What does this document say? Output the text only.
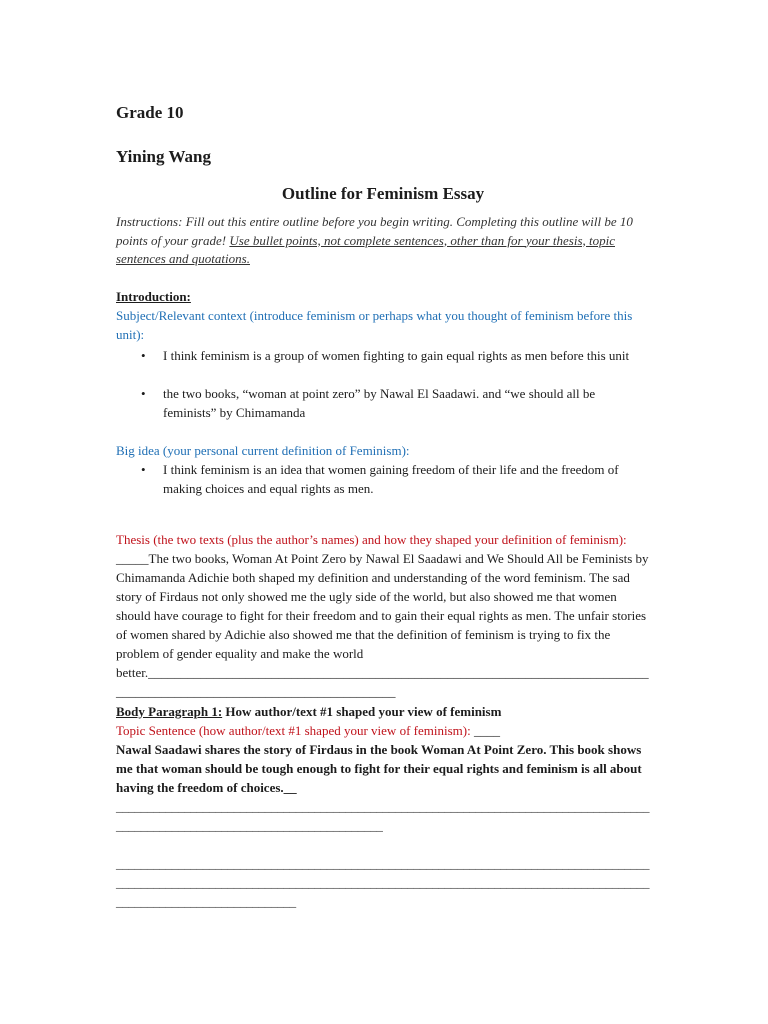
Grade 10
Yining Wang
Outline for Feminism Essay

Instructions: Fill out this entire outline before you begin writing. Completing this outline will be 10 points of your grade! Use bullet points, not complete sentences, other than for your thesis, topic sentences and quotations.

Introduction:

Subject/Relevant context (introduce feminism or perhaps what you thought of feminism before this unit):

• I think feminism is a group of women fighting to gain equal rights as men before this unit
• the two books, “woman at point zero” by Nawal El Saadawi. and “we should all be feminists” by Chimamanda

Big idea (your personal current definition of Feminism):

• I think feminism is an idea that women gaining freedom of their life and the freedom of making choices and equal rights as men.

Thesis (the two texts (plus the author’s names) and how they shaped your definition of feminism): _____The two books, Woman At Point Zero by Nawal El Saadawi and We Should All be Feminists by Chimamanda Adichie both shaped my definition and understanding of the word feminism. The sad story of Firdaus not only showed me the ugly side of the world, but also showed me that women should have courage to fight for their freedom and to gain their equal rights as men. The unfair stories of women shared by Adichie also showed me that the definition of feminism is trying to fix the problem of gender equality and make the world better.________________________________________________________________________________________________________________________

Body Paragraph 1: How author/text #1 shaped your view of feminism

Topic Sentence (how author/text #1 shaped your view of feminism): ____

Nawal Saadawi shares the story of Firdaus in the book Woman At Point Zero. This book shows me that woman should be tough enough to fight for their equal rights and feminism is all about having the freedom of choices.__

_________________________________________________________________________________________________________________________________

_________________________________________________________________________________________________________________________________________________________________________________________________________
